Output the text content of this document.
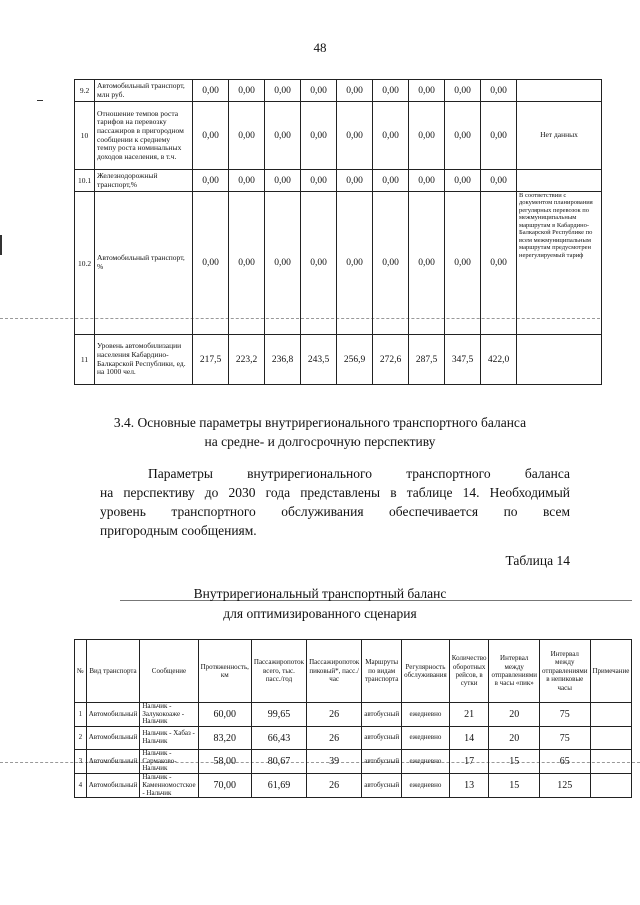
48
9.2	Автомобильный транспорт, млн руб.	0,00	0,00	0,00	0,00	0,00	0,00	0,00	0,00	0,00	
10	Отношение темпов роста тарифов на перевозку пассажиров в пригородном сообщении к среднему темпу роста номинальных доходов населения, в т.ч.	0,00	0,00	0,00	0,00	0,00	0,00	0,00	0,00	0,00	Нет данных
10.1	Железнодорожный транспорт,%	0,00	0,00	0,00	0,00	0,00	0,00	0,00	0,00	0,00	
10.2	Автомобильный транспорт, %	0,00	0,00	0,00	0,00	0,00	0,00	0,00	0,00	0,00	В соответствии с документом планирования регулярных перевозок по межмуниципальным маршрутам в Кабардино-Балкарской Республике по всем межмуниципальным маршрутам предусмотрен нерегулируемый тариф
11	Уровень автомобилизации населения Кабардино-Балкарской Республики, ед. на 1000 чел.	217,5	223,2	236,8	243,5	256,9	272,6	287,5	347,5	422,0	
3.4. Основные параметры внутрирегионального транспортного баланса
на средне- и долгосрочную перспективу
Параметры внутрирегионального транспортного баланса
на перспективу до 2030 года представлены в таблице 14. Необходимый
уровень транспортного обслуживания обеспечивается по всем
пригородным сообщениям.
Таблица 14
Внутрирегиональный транспортный баланс
для оптимизированного сценария
№	Вид транспорта	Сообщение	Протяженность, км	Пассажиропоток всего, тыс. пасс./год	Пассажиропоток пиковый*, пасс./час	Маршруты по видам транспорта	Регулярность обслуживания	Количество оборотных рейсов, в сутки	Интервал между отправлениями в часы «пик»	Интервал между отправлениями в непиковые часы	Примечание
1	Автомобильный	Нальчик - Залукокоаже - Нальчик	60,00	99,65	26	автобусный	ежедневно	21	20	75	
2	Автомобильный	Нальчик - Хабаз - Нальчик	83,20	66,43	26	автобусный	ежедневно	14	20	75	
3	Автомобильный	Нальчик - Сармаково-Нальчик	58,00	80,67	39	автобусный	ежедневно	17	15	65	
4	Автомобильный	Нальчик - Каменномостское - Нальчик	70,00	61,69	26	автобусный	ежедневно	13	15	125	
